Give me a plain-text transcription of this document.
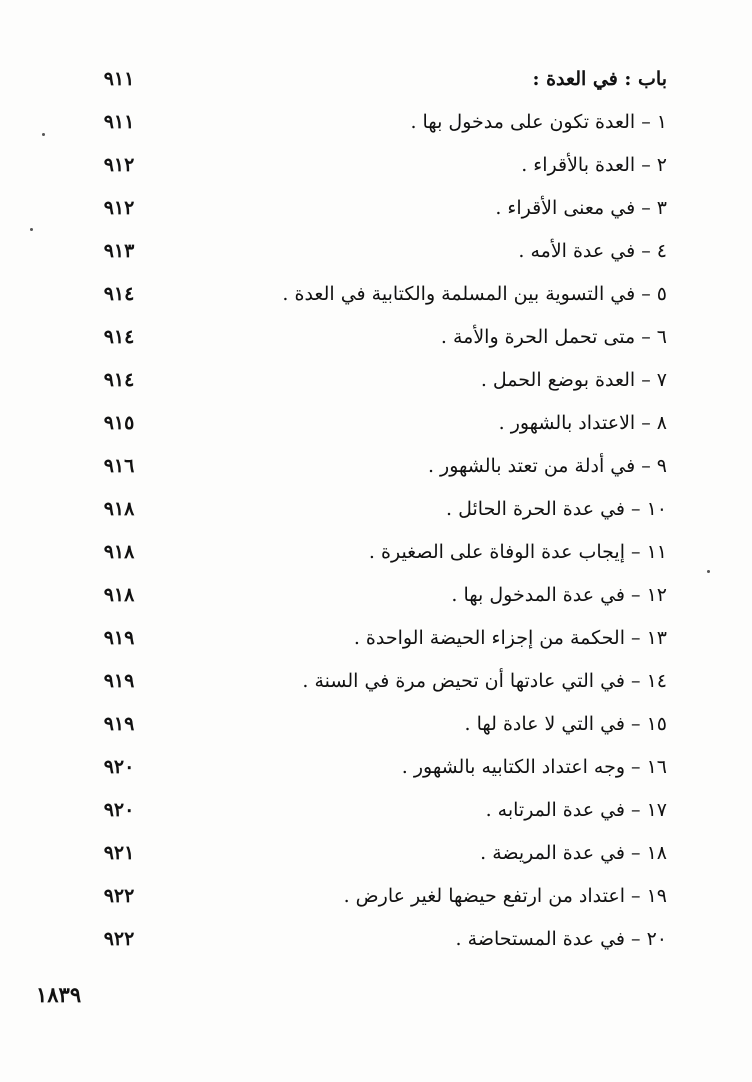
باب : في العدة :
٩١١
١ – العدة تكون على مدخول بها .
٩١١
٢ – العدة بالأقراء .
٩١٢
٣ – في معنى الأقراء .
٩١٢
٤ – في عدة الأمه .
٩١٣
٥ – في التسوية بين المسلمة والكتابية في العدة .
٩١٤
٦ – متى تحمل الحرة والأمة .
٩١٤
٧ – العدة بوضع الحمل .
٩١٤
٨ – الاعتداد بالشهور .
٩١٥
٩ – في أدلة من تعتد بالشهور .
٩١٦
١٠ – في عدة الحرة الحائل .
٩١٨
١١ – إيجاب عدة الوفاة على الصغيرة .
٩١٨
١٢ – في عدة المدخول بها .
٩١٨
١٣ – الحكمة من إجزاء الحيضة الواحدة .
٩١٩
١٤ – في التي عادتها أن تحيض مرة في السنة .
٩١٩
١٥ – في التي لا عادة لها .
٩١٩
١٦ – وجه اعتداد الكتابيه بالشهور .
٩٢٠
١٧ – في عدة المرتابه .
٩٢٠
١٨ – في عدة المريضة .
٩٢١
١٩ – اعتداد من ارتفع حيضها لغير عارض .
٩٢٢
٢٠ – في عدة المستحاضة .
٩٢٢
١٨٣٩
